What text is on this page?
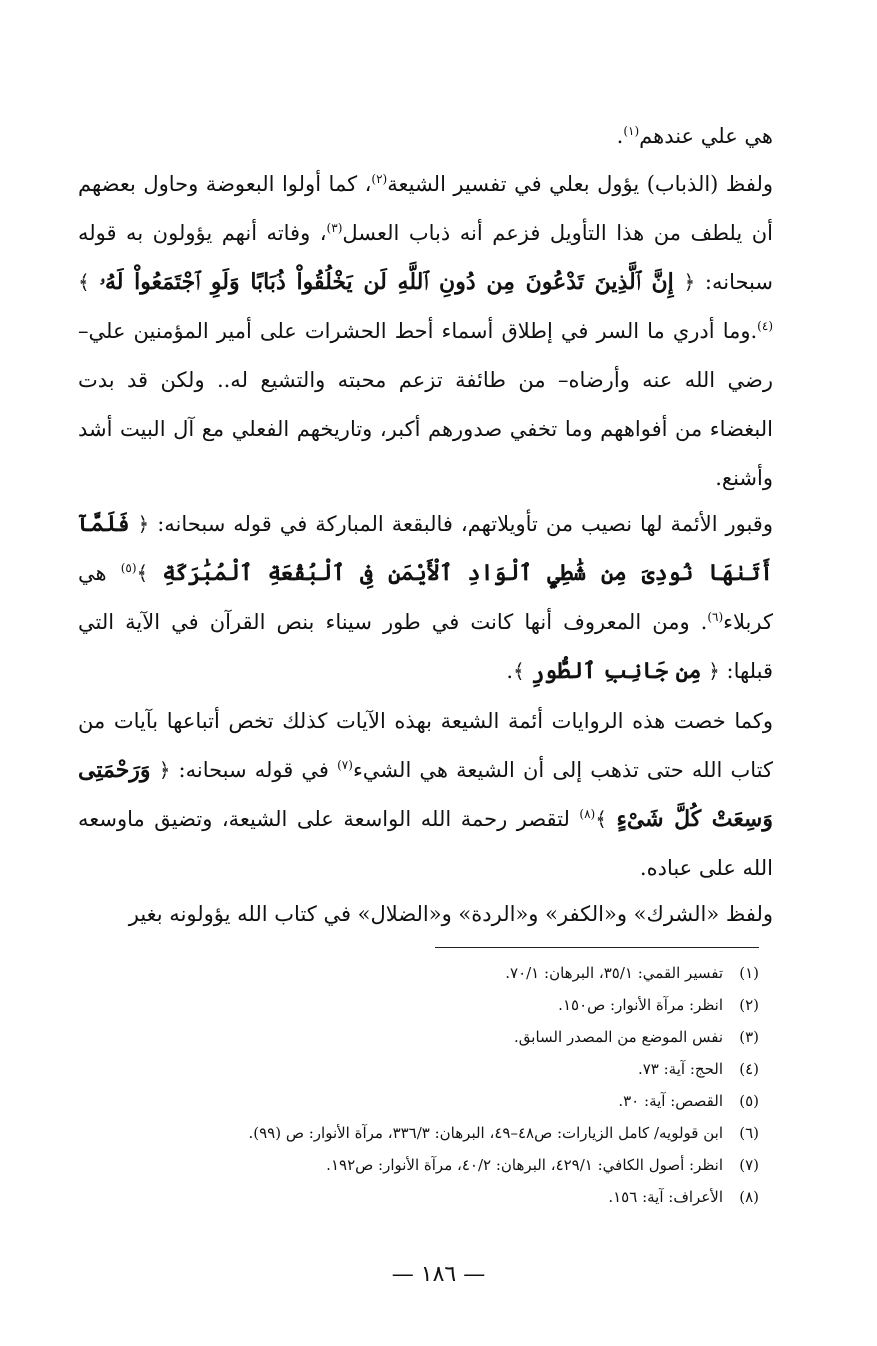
هي علي عندهم$^{(١)}$.

ولفظ (الذباب) يؤول بعلي في تفسير الشيعة$^{(٢)}$، كما أولوا البعوضة وحاول بعضهم أن يلطف من هذا التأويل فزعم أنه ذباب العسل$^{(٣)}$، وفاته أنهم يؤولون به قوله سبحانه: ﴿ إِنَّ ٱلَّذِينَ تَدْعُونَ مِن دُونِ ٱللَّهِ لَن يَخْلُقُواْ ذُبَابًا وَلَوِ ٱجْتَمَعُواْ لَهُۥ ﴾$^{(٤)}$.وما أدري ما السر في إطلاق أسماء أحط الحشرات على أمير المؤمنين علي– رضي الله عنه وأرضاه– من طائفة تزعم محبته والتشيع له.. ولكن قد بدت البغضاء من أفواههم وما تخفي صدورهم أكبر، وتاريخهم الفعلي مع آل البيت أشد وأشنع.

وقبور الأئمة لها نصيب من تأويلاتهم، فالبقعة المباركة في قوله سبحانه: ﴿ فَلَمَّآ أَتَىٰهَا نُودِىَ مِن شَٰطِيِٕ ٱلْوَادِ ٱلْأَيْمَنِ فِى ٱلْبُقْعَةِ ٱلْمُبَٰرَكَةِ ﴾$^{(٥)}$ هي كربلاء$^{(٦)}$. ومن المعروف أنها كانت في طور سيناء بنص القرآن في الآية التي قبلها: ﴿ مِن جَانِبِ ٱلطُّورِ ﴾.

وكما خصت هذه الروايات أئمة الشيعة بهذه الآيات كذلك تخص أتباعها بآيات من كتاب الله حتى تذهب إلى أن الشيعة هي الشيء$^{(٧)}$ في قوله سبحانه: ﴿ وَرَحْمَتِى وَسِعَتْ كُلَّ شَىْءٍ ﴾$^{(٨)}$ لتقصر رحمة الله الواسعة على الشيعة، وتضيق ماوسعه الله على عباده.

ولفظ «الشرك» و«الكفر» و«الردة» و«الضلال» في كتاب الله يؤولونه بغير

(١)تفسير القمي: ٣٥/١، البرهان: ٧٠/١.
(٢)انظر: مرآة الأنوار: ص١٥٠.
(٣)نفس الموضع من المصدر السابق.
(٤)الحج: آية: ٧٣.
(٥)القصص: آية: ٣٠.
(٦)ابن قولويه/ كامل الزيارات: ص٤٨–٤٩، البرهان: ٣٣٦/٣، مرآة الأنوار: ص (٩٩).
(٧)انظر: أصول الكافي: ٤٢٩/١، البرهان: ٤٠/٢، مرآة الأنوار: ص١٩٢.
(٨)الأعراف: آية: ١٥٦.
— ١٨٦ —
